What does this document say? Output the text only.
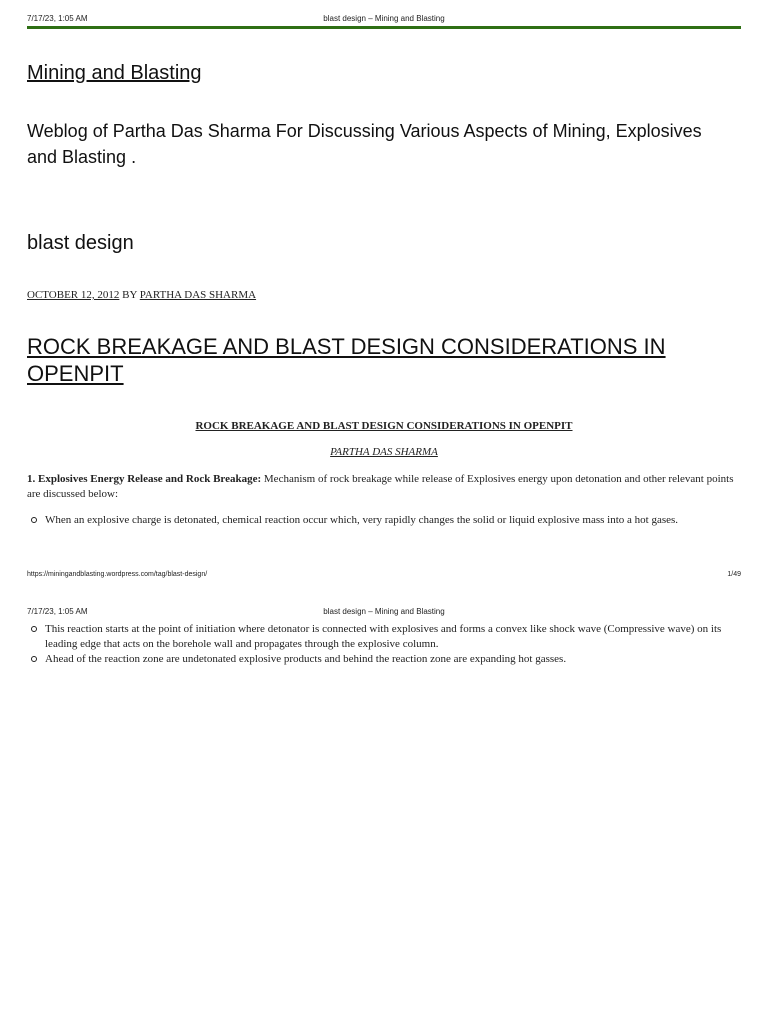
7/17/23, 1:05 AM	blast design – Mining and Blasting
Mining and Blasting

Weblog of Partha Das Sharma For Discussing Various Aspects of Mining, Explosives and Blasting .

blast design
OCTOBER 12, 2012 BY PARTHA DAS SHARMA
ROCK BREAKAGE AND BLAST DESIGN CONSIDERATIONS IN OPENPIT
ROCK BREAKAGE AND BLAST DESIGN CONSIDERATIONS IN OPENPIT
PARTHA DAS SHARMA

1. Explosives Energy Release and Rock Breakage: Mechanism of rock breakage while release of Explosives energy upon detonation and other relevant points are discussed below:

When an explosive charge is detonated, chemical reaction occur which, very rapidly changes the solid or liquid explosive mass into a hot gases.
https://miningandblasting.wordpress.com/tag/blast-design/	1/49
7/17/23, 1:05 AM	blast design – Mining and Blasting
This reaction starts at the point of initiation where detonator is connected with explosives and forms a convex like shock wave (Compressive wave) on its leading edge that acts on the borehole wall and propagates through the explosive column.
Ahead of the reaction zone are undetonated explosive products and behind the reaction zone are expanding hot gasses.
